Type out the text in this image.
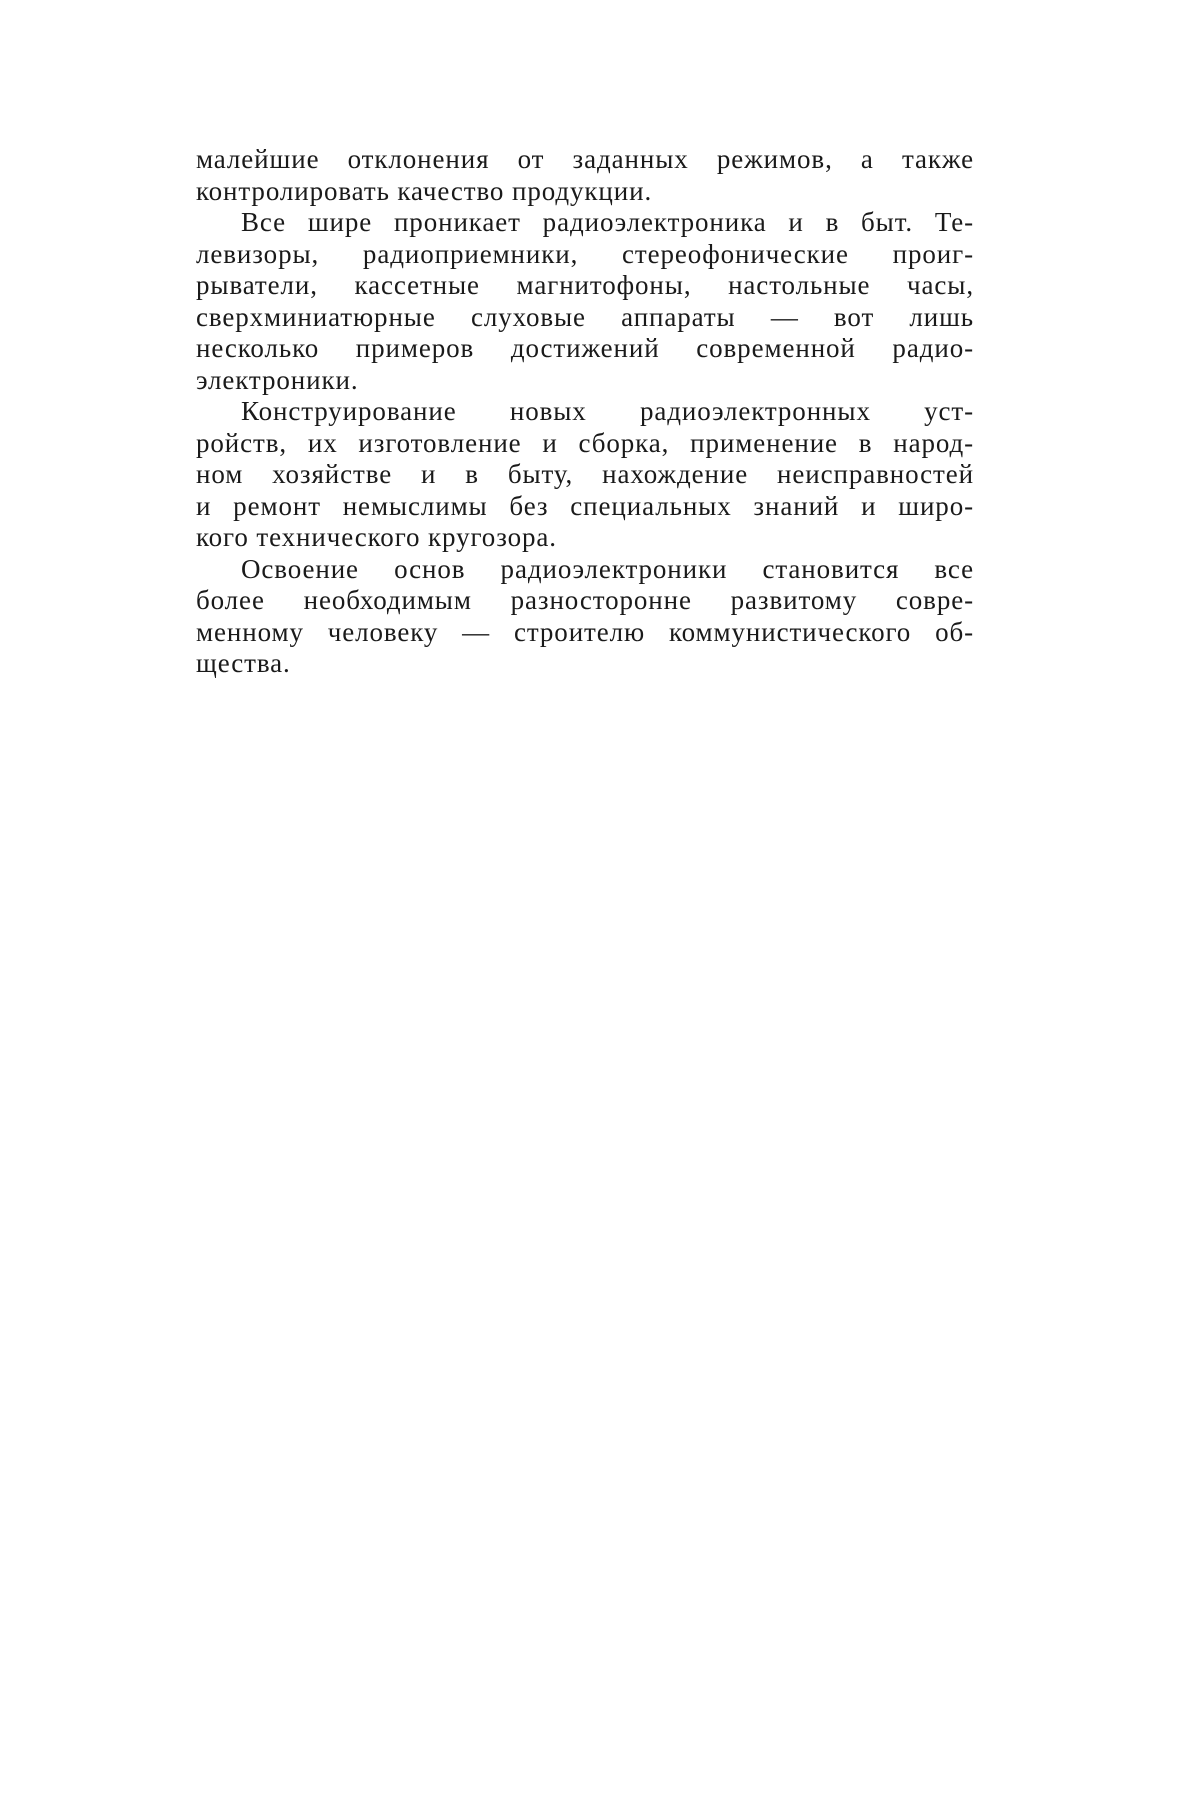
малейшие отклонения от заданных режимов, а также
контролировать качество продукции.
Все шире проникает радиоэлектроника и в быт. Те-
левизоры, радиоприемники, стереофонические проиг-
рыватели, кассетные магнитофоны, настольные часы,
сверхминиатюрные слуховые аппараты — вот лишь
несколько примеров достижений современной радио-
электроники.
Конструирование новых радиоэлектронных уст-
ройств, их изготовление и сборка, применение в народ-
ном хозяйстве и в быту, нахождение неисправностей
и ремонт немыслимы без специальных знаний и широ-
кого технического кругозора.
Освоение основ радиоэлектроники становится все
более необходимым разносторонне развитому совре-
менному человеку — строителю коммунистического об-
щества.
